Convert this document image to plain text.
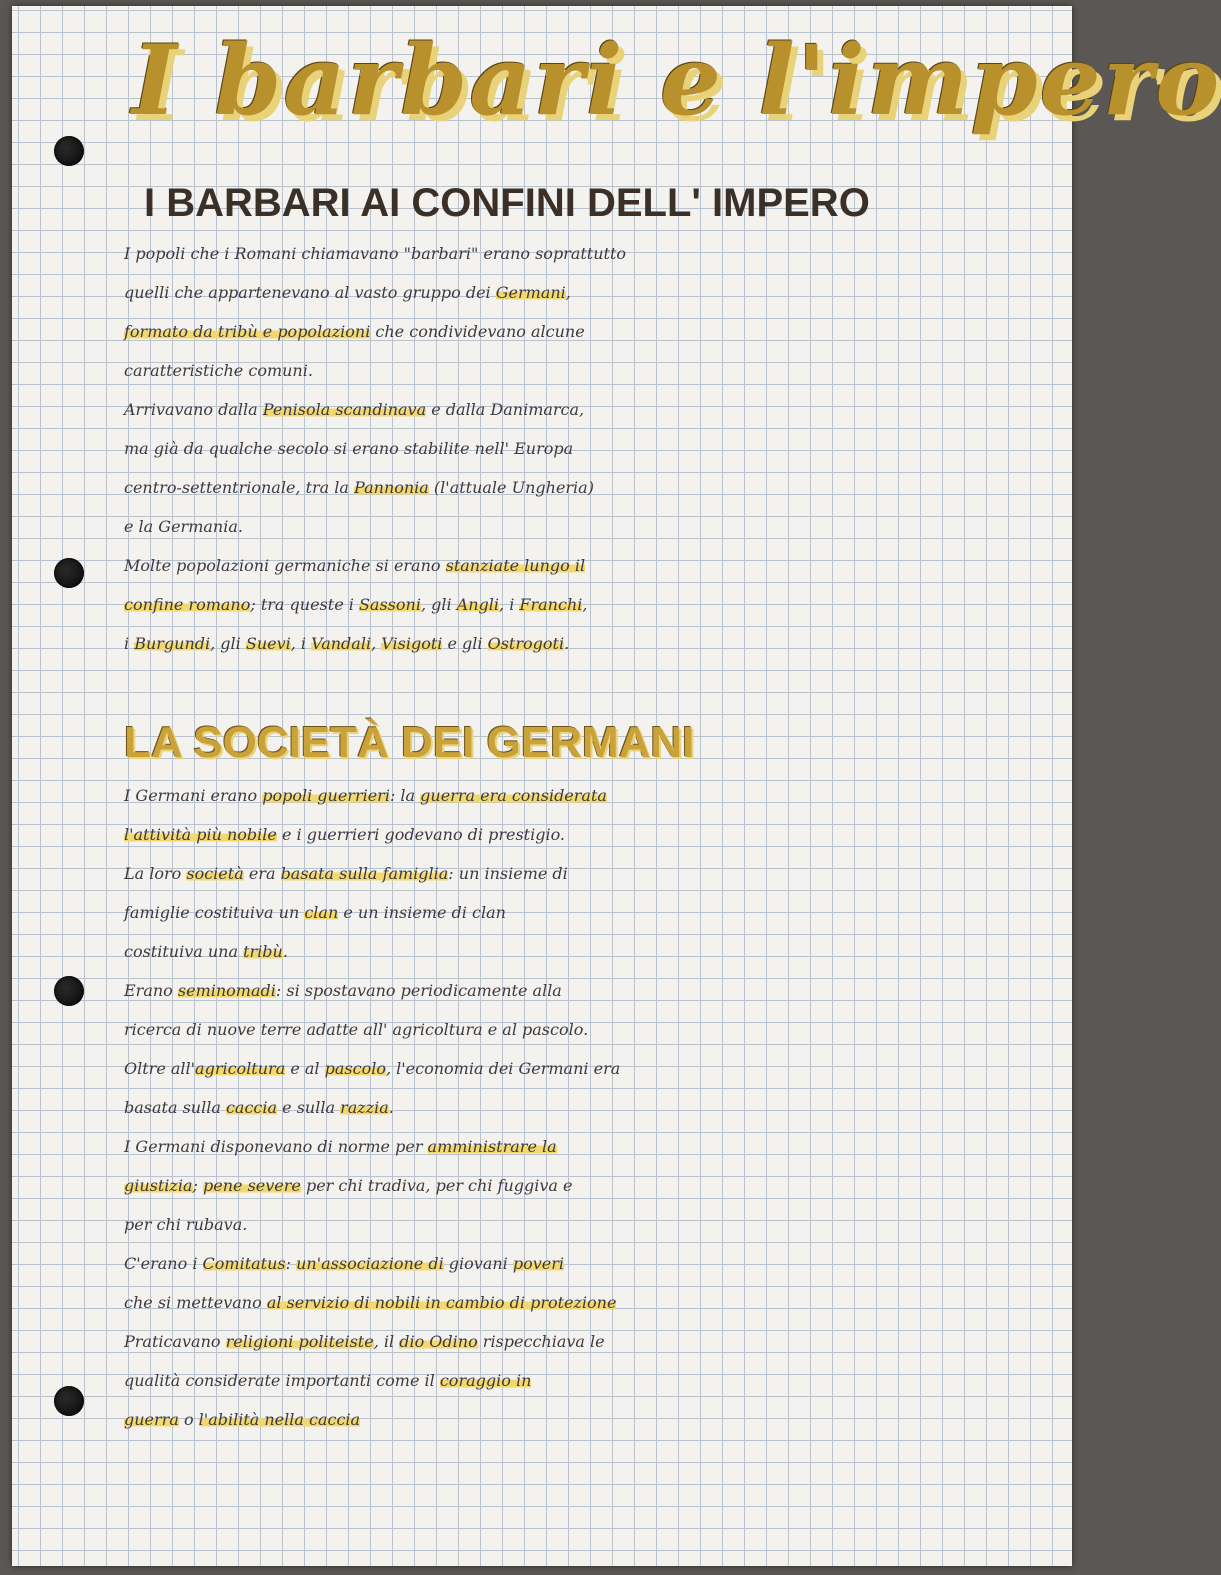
I barbari e l'impero
I BARBARI AI CONFINI DELL' IMPERO
I popoli che i Romani chiamavano "barbari" erano soprattutto
quelli che appartenevano al vasto gruppo dei Germani,
formato da tribù e popolazioni che condividevano alcune
caratteristiche comuni.
Arrivavano dalla Penisola scandinava e dalla Danimarca,
ma già da qualche secolo si erano stabilite nell' Europa
centro-settentrionale, tra la Pannonia (l'attuale Ungheria)
e la Germania.
Molte popolazioni germaniche si erano stanziate lungo il
confine romano; tra queste i Sassoni, gli Angli, i Franchi,
i Burgundi, gli Suevi, i Vandali, Visigoti e gli Ostrogoti.
LA SOCIETÀ DEI GERMANI
I Germani erano popoli guerrieri: la guerra era considerata
l'attività più nobile e i guerrieri godevano di prestigio.
La loro società era basata sulla famiglia: un insieme di
famiglie costituiva un clan e un insieme di clan
costituiva una tribù.
Erano seminomadi: si spostavano periodicamente alla
ricerca di nuove terre adatte all' agricoltura e al pascolo.
Oltre all'agricoltura e al pascolo, l'economia dei Germani era
basata sulla caccia e sulla razzia.
I Germani disponevano di norme per amministrare la
giustizia; pene severe per chi tradiva, per chi fuggiva e
per chi rubava.
C'erano i Comitatus: un'associazione di giovani poveri
che si mettevano al servizio di nobili in cambio di protezione
Praticavano religioni politeiste, il dio Odino rispecchiava le
qualità considerate importanti come il coraggio in
guerra o l'abilità nella caccia
